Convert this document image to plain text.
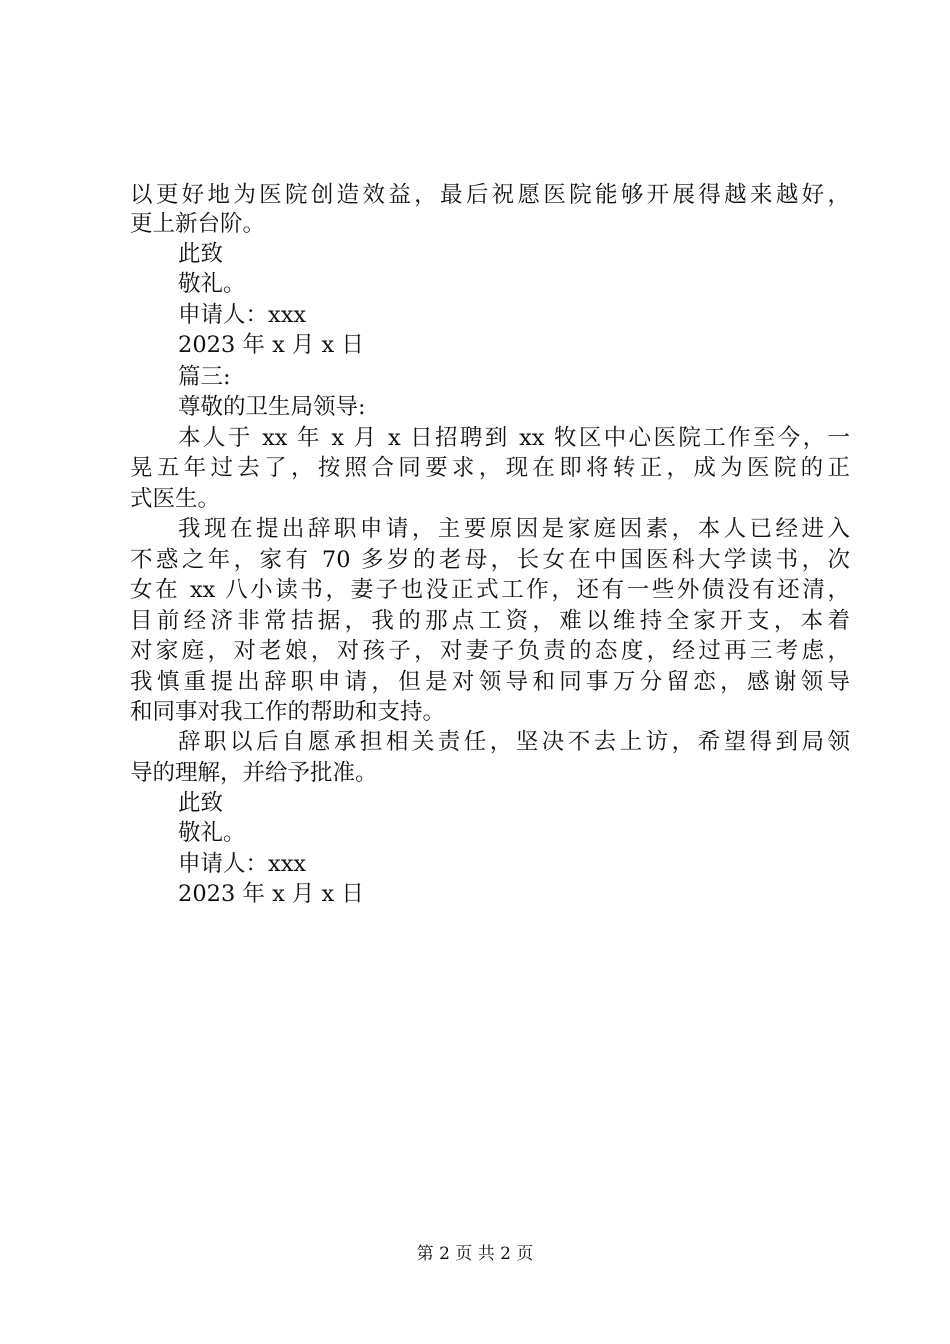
以更好地为医院创造效益，最后祝愿医院能够开展得越来越好，
更上新台阶。
此致
敬礼。
申请人：xxx
2023 年 x 月 x 日
篇三:
尊敬的卫生局领导:
本人于 xx 年 x 月 x 日招聘到 xx 牧区中心医院工作至今，一
晃五年过去了，按照合同要求，现在即将转正，成为医院的正
式医生。
我现在提出辞职申请，主要原因是家庭因素，本人已经进入
不惑之年，家有 70 多岁的老母，长女在中国医科大学读书，次
女在 xx 八小读书，妻子也没正式工作，还有一些外债没有还清，
目前经济非常拮据，我的那点工资，难以维持全家开支，本着
对家庭，对老娘，对孩子，对妻子负责的态度，经过再三考虑，
我慎重提出辞职申请，但是对领导和同事万分留恋，感谢领导
和同事对我工作的帮助和支持。
辞职以后自愿承担相关责任，坚决不去上访，希望得到局领
导的理解，并给予批准。
此致
敬礼。
申请人：xxx
2023 年 x 月 x 日
第 2 页 共 2 页
